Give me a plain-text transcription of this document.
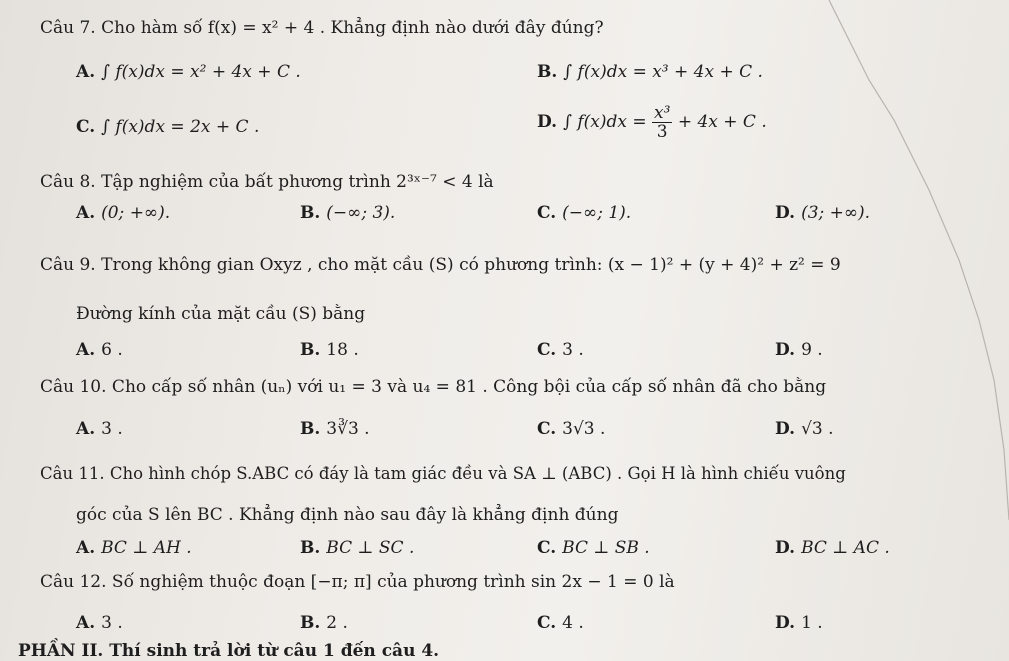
Câu 7. Cho hàm số f(x) = x² + 4 . Khẳng định nào dưới đây đúng?
A. ∫ f(x)dx = x² + 4x + C .	B. ∫ f(x)dx = x³ + 4x + C .
C. ∫ f(x)dx = 2x + C .	D. ∫ $f(x)dx = \frac{\text{x³}}{3} + 4x + C$ .
Câu 8. Tập nghiệm của bất phương trình 2³ˣ⁻⁷ < 4 là
A. (0; +∞).	B. (−∞; 3).	C. (−∞; 1).	D. (3; +∞).
Câu 9. Trong không gian Oxyz , cho mặt cầu (S) có phương trình: (x − 1)² + (y + 4)² + z² = 9
Đường kính của mặt cầu (S) bằng
A. 6 .	B. 18 .	C. 3 .	D. 9 .
Câu 10. Cho cấp số nhân (uₙ) với u₁ = 3 và u₄ = 81 . Công bội của cấp số nhân đã cho bằng
A. 3 .	B. 3∛3 .	C. 3√3 .	D. √3 .
Câu 11. Cho hình chóp S.ABC có đáy là tam giác đều và SA ⊥ (ABC) . Gọi H là hình chiếu vuông
góc của S lên BC . Khẳng định nào sau đây là khẳng định đúng
A. BC ⊥ AH .	B. BC ⊥ SC .	C. BC ⊥ SB .	D. BC ⊥ AC .
Câu 12. Số nghiệm thuộc đoạn [−π; π] của phương trình sin 2x − 1 = 0 là
A. 3 .	B. 2 .	C. 4 .	D. 1 .
PHẦN II. Thí sinh trả lời từ câu 1 đến câu 4.
